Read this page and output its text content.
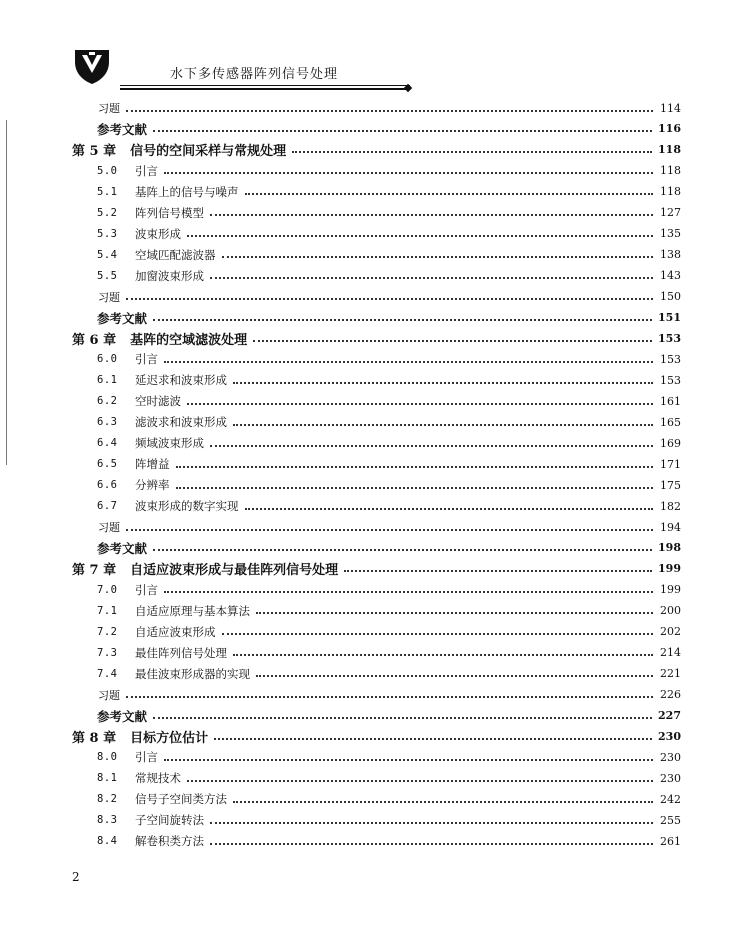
水下多传感器阵列信号处理
习题	114
参考文献	116
第 5 章	信号的空间采样与常规处理	118
5.0	引言	118
5.1	基阵上的信号与噪声	118
5.2	阵列信号模型	127
5.3	波束形成	135
5.4	空域匹配滤波器	138
5.5	加窗波束形成	143
习题	150
参考文献	151
第 6 章	基阵的空域滤波处理	153
6.0	引言	153
6.1	延迟求和波束形成	153
6.2	空时滤波	161
6.3	滤波求和波束形成	165
6.4	频域波束形成	169
6.5	阵增益	171
6.6	分辨率	175
6.7	波束形成的数字实现	182
习题	194
参考文献	198
第 7 章	自适应波束形成与最佳阵列信号处理	199
7.0	引言	199
7.1	自适应原理与基本算法	200
7.2	自适应波束形成	202
7.3	最佳阵列信号处理	214
7.4	最佳波束形成器的实现	221
习题	226
参考文献	227
第 8 章	目标方位估计	230
8.0	引言	230
8.1	常规技术	230
8.2	信号子空间类方法	242
8.3	子空间旋转法	255
8.4	解卷积类方法	261
2
